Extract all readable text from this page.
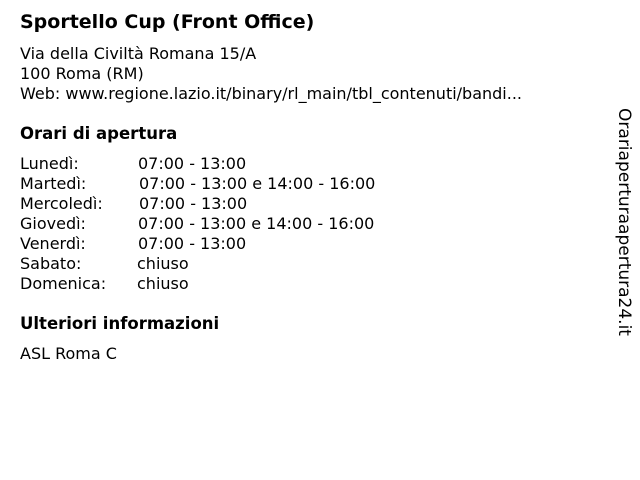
Sportello Cup (Front Office)
Via della Civiltà Romana 15/A
100 Roma (RM)
Web: www.regione.lazio.it/binary/rl_main/tbl_contenuti/bandi...
Orari di apertura
Lunedì:	07:00 - 13:00
Martedì:	07:00 - 13:00 e 14:00 - 16:00
Mercoledì: 07:00 - 13:00
Giovedì:	07:00 - 13:00 e 14:00 - 16:00
Venerdì:	07:00 - 13:00
Sabato:	chiuso
Domenica: chiuso
Ulteriori informazioni
ASL Roma C
Orariaperturaapertura24.it
